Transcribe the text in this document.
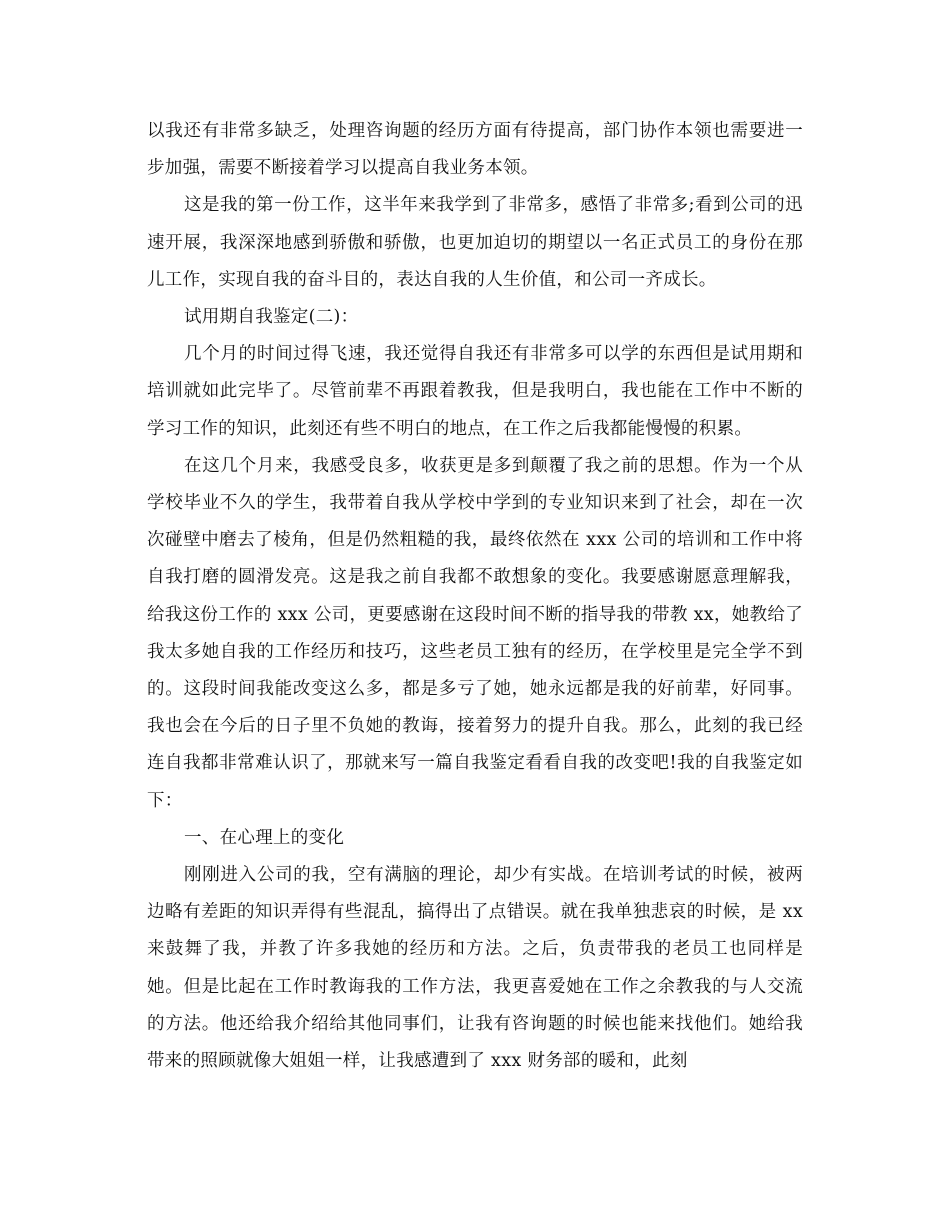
以我还有非常多缺乏，处理咨询题的经历方面有待提高，部门协作本领也需要进一步加强，需要不断接着学习以提高自我业务本领。

这是我的第一份工作，这半年来我学到了非常多，感悟了非常多;看到公司的迅速开展，我深深地感到骄傲和骄傲，也更加迫切的期望以一名正式员工的身份在那儿工作，实现自我的奋斗目的，表达自我的人生价值，和公司一齐成长。

试用期自我鉴定(二)：

几个月的时间过得飞速，我还觉得自我还有非常多可以学的东西但是试用期和培训就如此完毕了。尽管前辈不再跟着教我，但是我明白，我也能在工作中不断的学习工作的知识，此刻还有些不明白的地点，在工作之后我都能慢慢的积累。

在这几个月来，我感受良多，收获更是多到颠覆了我之前的思想。作为一个从学校毕业不久的学生，我带着自我从学校中学到的专业知识来到了社会，却在一次次碰壁中磨去了棱角，但是仍然粗糙的我，最终依然在 xxx 公司的培训和工作中将自我打磨的圆滑发亮。这是我之前自我都不敢想象的变化。我要感谢愿意理解我，给我这份工作的 xxx 公司，更要感谢在这段时间不断的指导我的带教 xx，她教给了我太多她自我的工作经历和技巧，这些老员工独有的经历，在学校里是完全学不到的。这段时间我能改变这么多，都是多亏了她，她永远都是我的好前辈，好同事。我也会在今后的日子里不负她的教诲，接着努力的提升自我。那么，此刻的我已经连自我都非常难认识了，那就来写一篇自我鉴定看看自我的改变吧!我的自我鉴定如下：

一、在心理上的变化

刚刚进入公司的我，空有满脑的理论，却少有实战。在培训考试的时候，被两边略有差距的知识弄得有些混乱，搞得出了点错误。就在我单独悲哀的时候，是 xx 来鼓舞了我，并教了许多我她的经历和方法。之后，负责带我的老员工也同样是她。但是比起在工作时教诲我的工作方法，我更喜爱她在工作之余教我的与人交流的方法。他还给我介绍给其他同事们，让我有咨询题的时候也能来找他们。她给我带来的照顾就像大姐姐一样，让我感遭到了 xxx 财务部的暖和，此刻
